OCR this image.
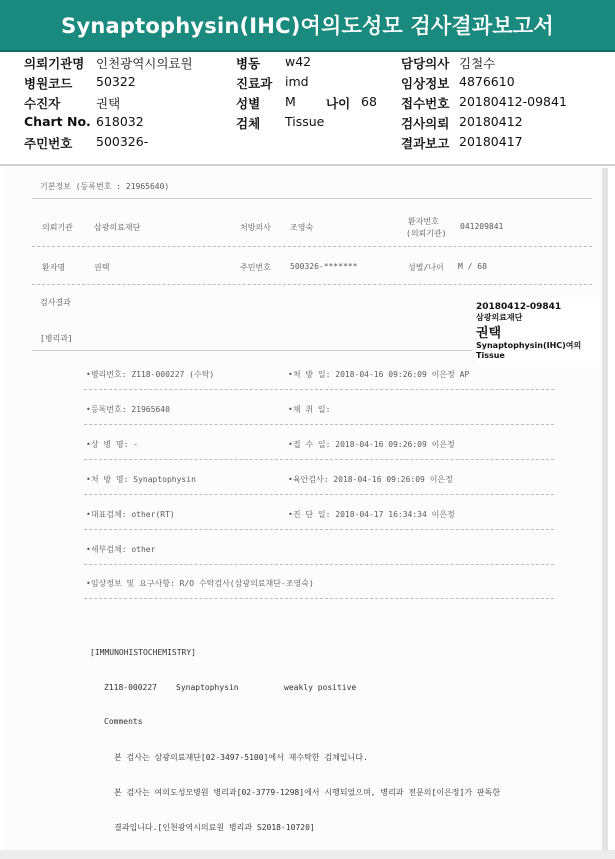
Synaptophysin(IHC)여의도성모 검사결과보고서
의뢰기관명 인천광역시의료원	병동 w42	담당의사 김철수
병원코드 50322	진료과 imd	임상정보 4876610
수진자	권택	성별 M 나이 68 접수번호 20180412-09841
Chart No. 618032	검체 Tissue	검사의뢰 20180412
주민번호 500326-	결과보고 20180417
기본정보 (등록번호 : 21965640)
의뢰기관	삼광의료재단	처방의사 조영숙
환자번호
(의뢰기관)
041209841
환자명	권택	주민번호 500326-*******	성별/나이 M / 68
검사결과
[병리과]
20180412-09841
삼광의료재단
권택
Synaptophysin(IHC)여의
Tissue
•병리번호: Z118-000227 (수탁)	•처 방 일: 2018-04-16 09:26:09 이은정 AP
•등록번호: 21965640	•채 취 일:
•상 병 명: -	•접 수 일: 2018-04-16 09:26:09 이은정
•처 방 명: Synaptophysin	•육안검사: 2018-04-16 09:26:09 이은정
•대표검체: other(RT)	•진 단 일: 2018-04-17 16:34:34 이은정
•세부검체: other
•임상정보 및 요구사항: R/O 수탁검사(삼광의료재단-조영숙)
[IMMUNOHISTOCHEMISTRY]
Z118-000227 Synaptophysin	weakly positive
Comments
본 검사는 삼광의료재단[02-3497-5100]에서 재수탁한 검체입니다.
본 검사는 여의도성모병원 병리과[02-3779-1298]에서 시행되었으며, 병리과 전문의[이은정]가 판독한
결과입니다.[인천광역시의료원 병리과 S2018-10720]
